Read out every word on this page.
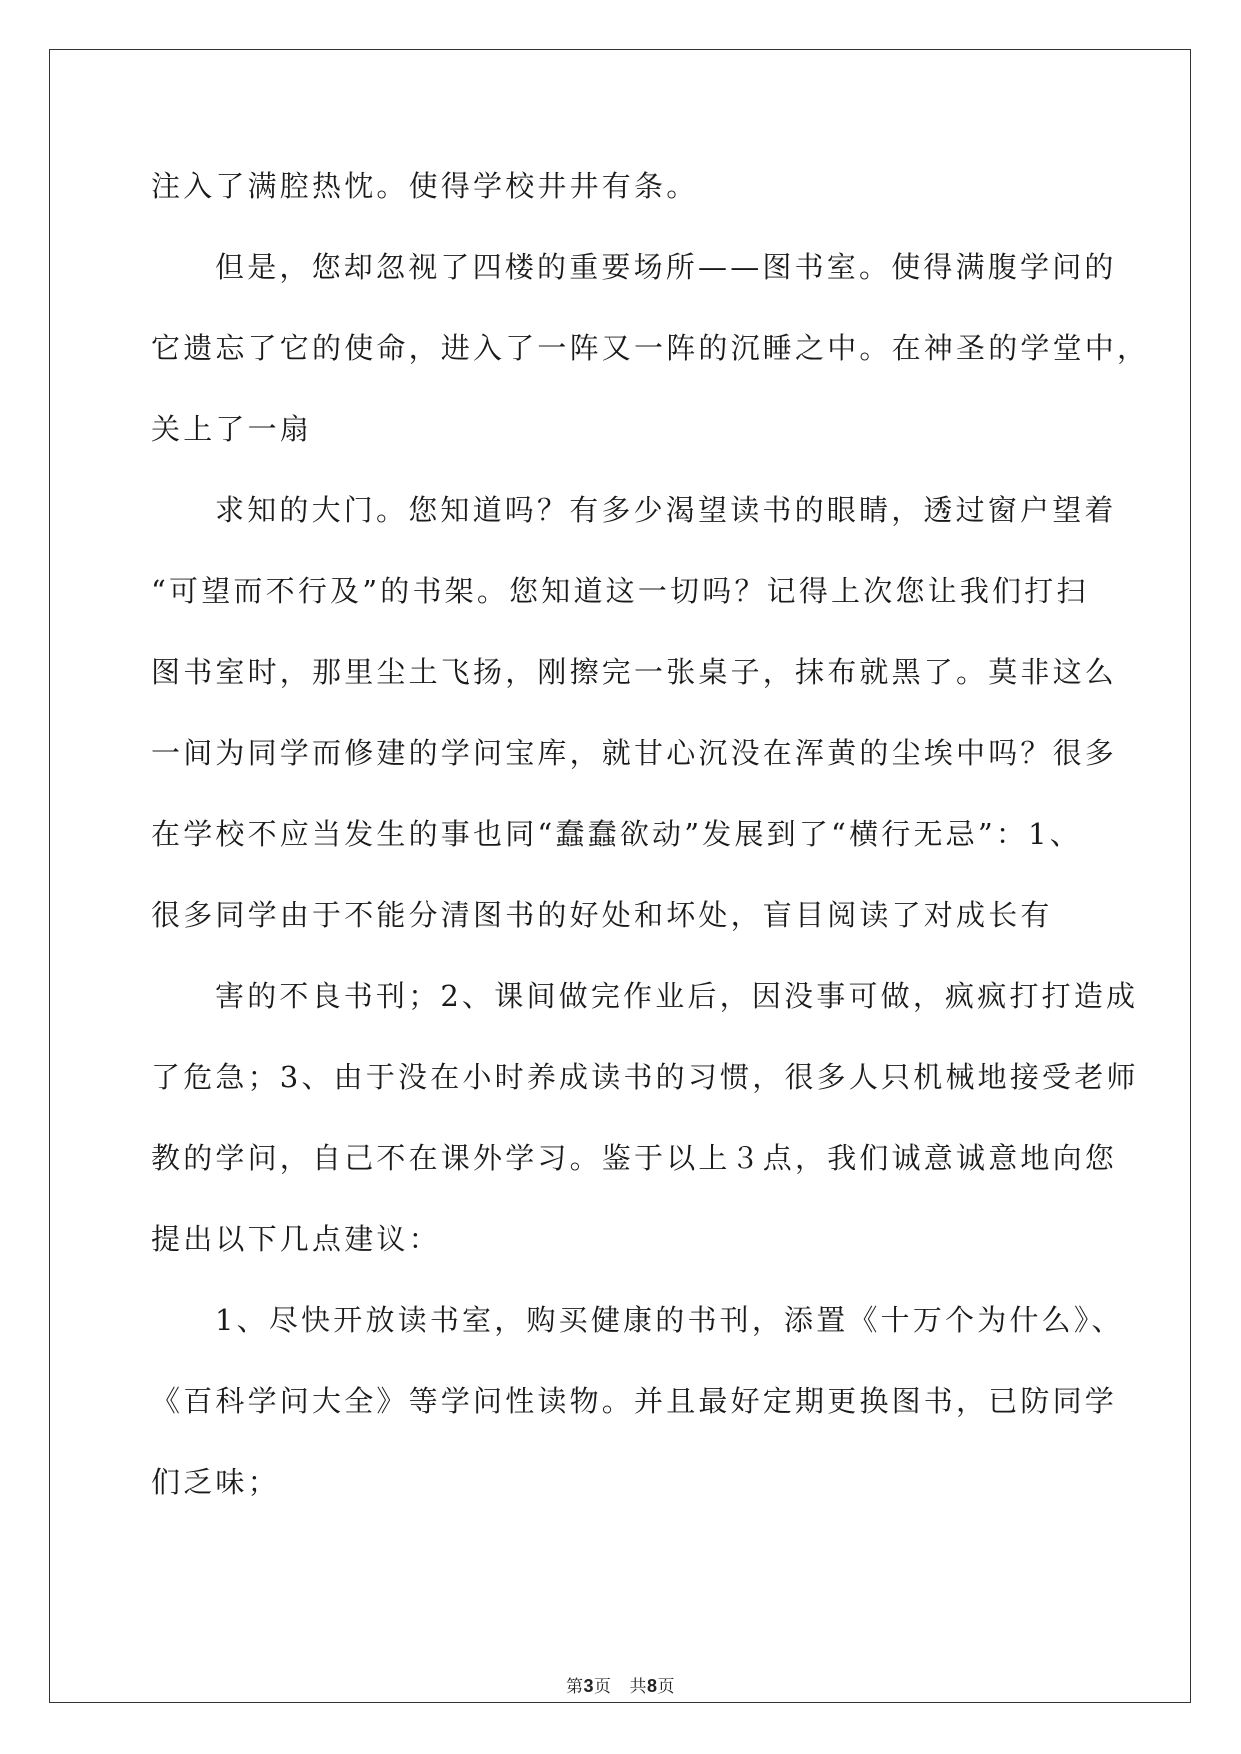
注入了满腔热忱。使得学校井井有条。

但是，您却忽视了四楼的重要场所——图书室。使得满腹学问的

它遗忘了它的使命，进入了一阵又一阵的沉睡之中。在神圣的学堂中，

关上了一扇

求知的大门。您知道吗？有多少渴望读书的眼睛，透过窗户望着

“可望而不行及”的书架。您知道这一切吗？记得上次您让我们打扫

图书室时，那里尘土飞扬，刚擦完一张桌子，抹布就黑了。莫非这么

一间为同学而修建的学问宝库，就甘心沉没在浑黄的尘埃中吗？很多

在学校不应当发生的事也同“蠢蠢欲动”发展到了“横行无忌”：1、

很多同学由于不能分清图书的好处和坏处，盲目阅读了对成长有

害的不良书刊；2、课间做完作业后，因没事可做，疯疯打打造成

了危急；3、由于没在小时养成读书的习惯，很多人只机械地接受老师

教的学问，自己不在课外学习。鉴于以上３点，我们诚意诚意地向您

提出以下几点建议：

1、尽快开放读书室，购买健康的书刊，添置《十万个为什么》、

《百科学问大全》等学问性读物。并且最好定期更换图书，已防同学

们乏味；

第3页 共8页
